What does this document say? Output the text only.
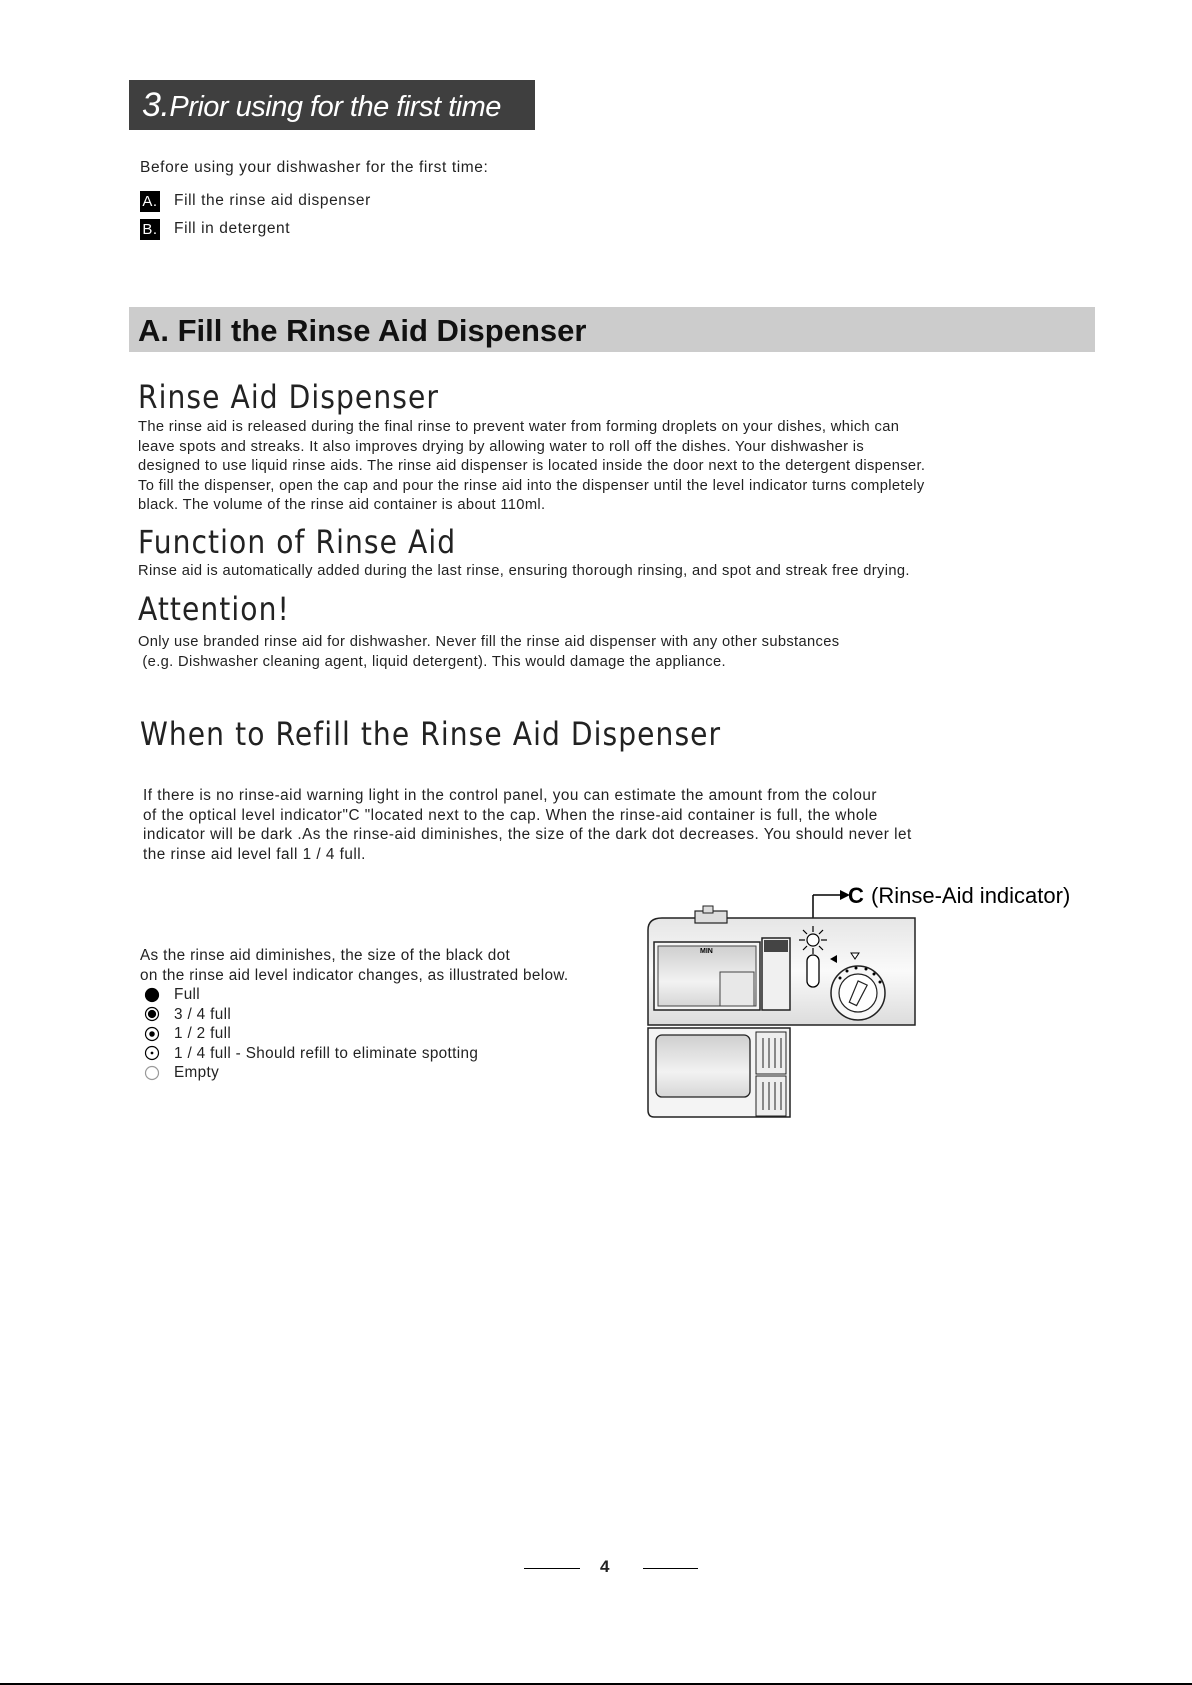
3.Prior using for the first time
Before using your dishwasher for the first time:
A. Fill the rinse aid dispenser
B. Fill in detergent
A. Fill the Rinse Aid Dispenser
Rinse Aid Dispenser
The rinse aid is released during the final rinse to prevent water from forming droplets on your dishes, which can
leave spots and streaks. It also improves drying by allowing water to roll off the dishes. Your dishwasher is
designed to use liquid rinse aids. The rinse aid dispenser is located inside the door next to the detergent dispenser.
To fill the dispenser, open the cap and pour the rinse aid into the dispenser until the level indicator turns completely
black. The volume of the rinse aid container is about 110ml.
Function of Rinse Aid
Rinse aid is automatically added during the last rinse, ensuring thorough rinsing, and spot and streak free drying.
Attention!
Only use branded rinse aid for dishwasher. Never fill the rinse aid dispenser with any other substances
(e.g. Dishwasher cleaning agent, liquid detergent). This would damage the appliance.
When to Refill the Rinse Aid Dispenser
If there is no rinse-aid warning light in the control panel, you can estimate the amount from the colour
of the optical level indicator"C "located next to the cap. When the rinse-aid container is full, the whole
indicator will be dark .As the rinse-aid diminishes, the size of the dark dot decreases. You should never let
the rinse aid level fall 1 / 4 full.
As the rinse aid diminishes, the size of the black dot
on the rinse aid level indicator changes, as illustrated below.
Full
3 / 4 full
1 / 2 full
1 / 4 full - Should refill to eliminate spotting
Empty
C (Rinse-Aid indicator)
MIN
4
